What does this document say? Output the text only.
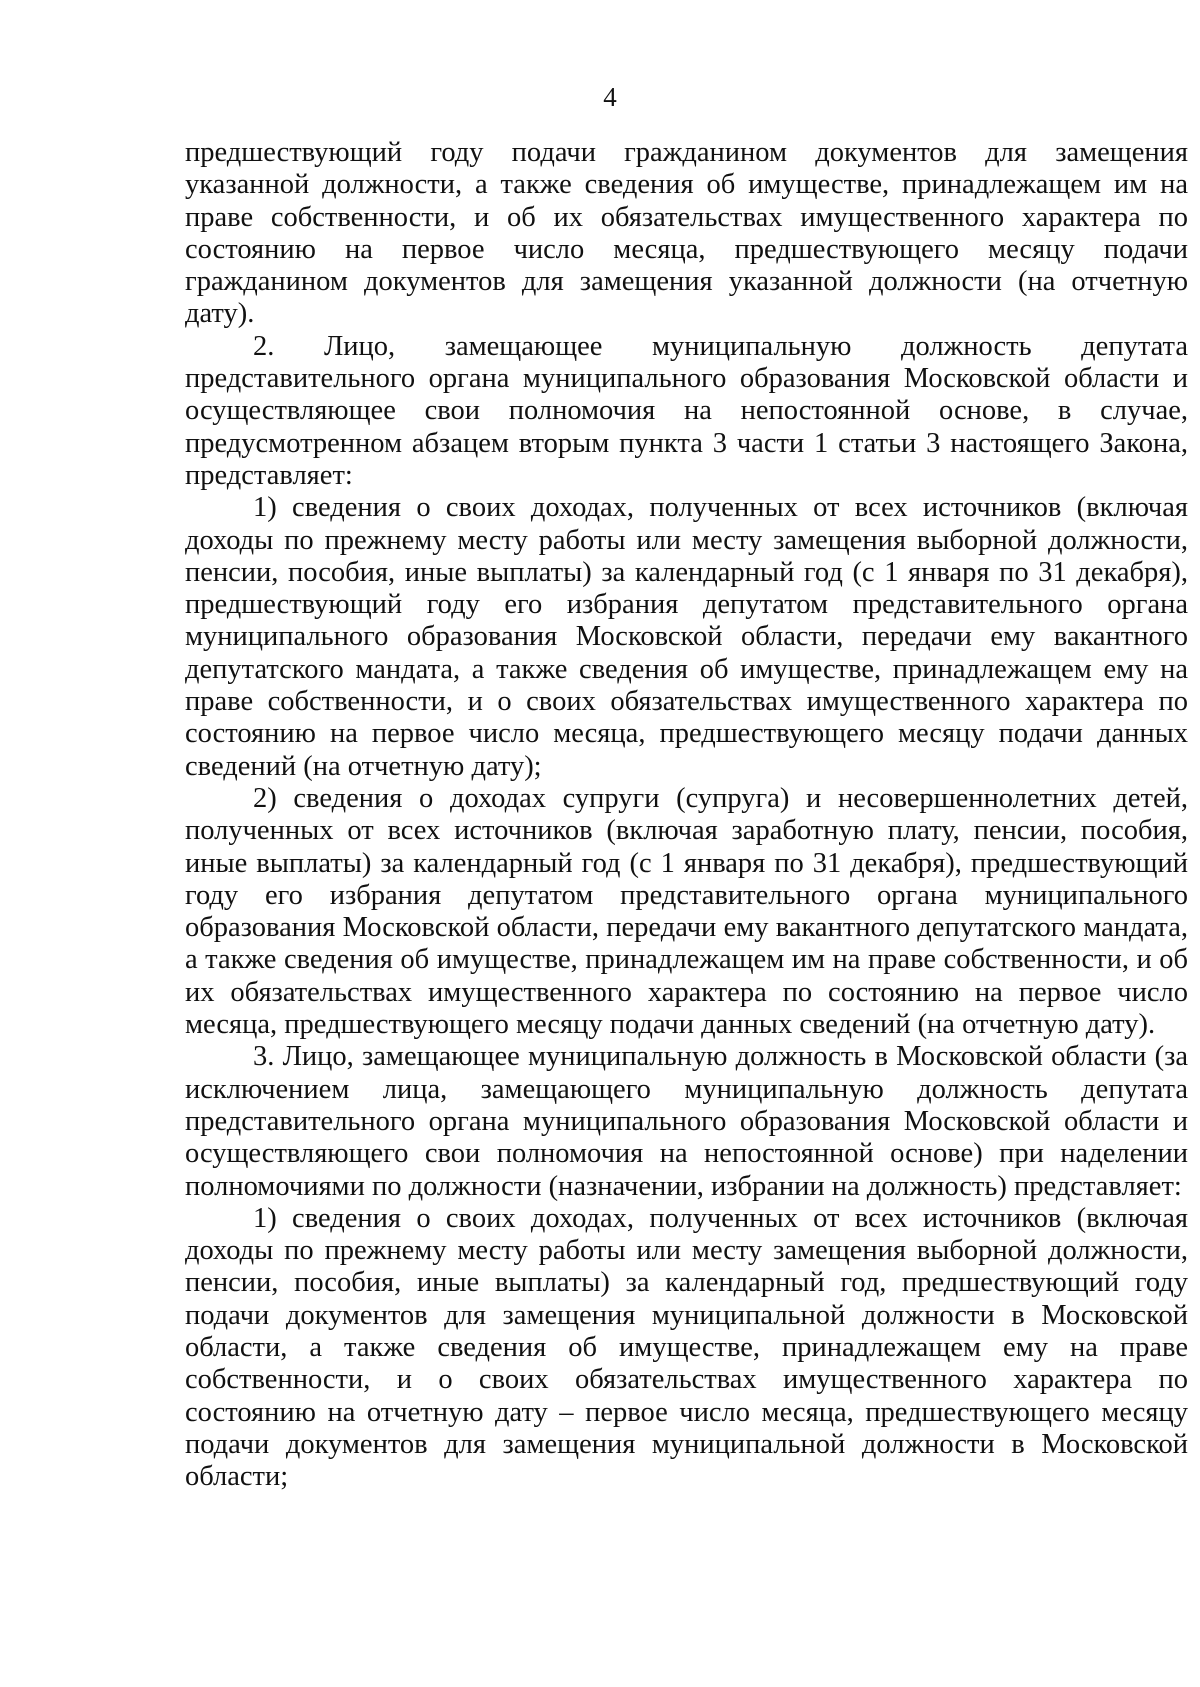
4

предшествующий году подачи гражданином документов для замещения указанной должности, а также сведения об имуществе, принадлежащем им на праве собственности, и об их обязательствах имущественного характера по состоянию на первое число месяца, предшествующего месяцу подачи гражданином документов для замещения указанной должности (на отчетную дату).

2. Лицо, замещающее муниципальную должность депутата представительного органа муниципального образования Московской области и осуществляющее свои полномочия на непостоянной основе, в случае, предусмотренном абзацем вторым пункта 3 части 1 статьи 3 настоящего Закона, представляет:

1) сведения о своих доходах, полученных от всех источников (включая доходы по прежнему месту работы или месту замещения выборной должности, пенсии, пособия, иные выплаты) за календарный год (с 1 января по 31 декабря), предшествующий году его избрания депутатом представительного органа муниципального образования Московской области, передачи ему вакантного депутатского мандата, а также сведения об имуществе, принадлежащем ему на праве собственности, и о своих обязательствах имущественного характера по состоянию на первое число месяца, предшествующего месяцу подачи данных сведений (на отчетную дату);

2) сведения о доходах супруги (супруга) и несовершеннолетних детей, полученных от всех источников (включая заработную плату, пенсии, пособия, иные выплаты) за календарный год (с 1 января по 31 декабря), предшествующий году его избрания депутатом представительного органа муниципального образования Московской области, передачи ему вакантного депутатского мандата, а также сведения об имуществе, принадлежащем им на праве собственности, и об их обязательствах имущественного характера по состоянию на первое число месяца, предшествующего месяцу подачи данных сведений (на отчетную дату).

3. Лицо, замещающее муниципальную должность в Московской области (за исключением лица, замещающего муниципальную должность депутата представительного органа муниципального образования Московской области и осуществляющего свои полномочия на непостоянной основе) при наделении полномочиями по должности (назначении, избрании на должность) представляет:

1) сведения о своих доходах, полученных от всех источников (включая доходы по прежнему месту работы или месту замещения выборной должности, пенсии, пособия, иные выплаты) за календарный год, предшествующий году подачи документов для замещения муниципальной должности в Московской области, а также сведения об имуществе, принадлежащем ему на праве собственности, и о своих обязательствах имущественного характера по состоянию на отчетную дату – первое число месяца, предшествующего месяцу подачи документов для замещения муниципальной должности в Московской области;
